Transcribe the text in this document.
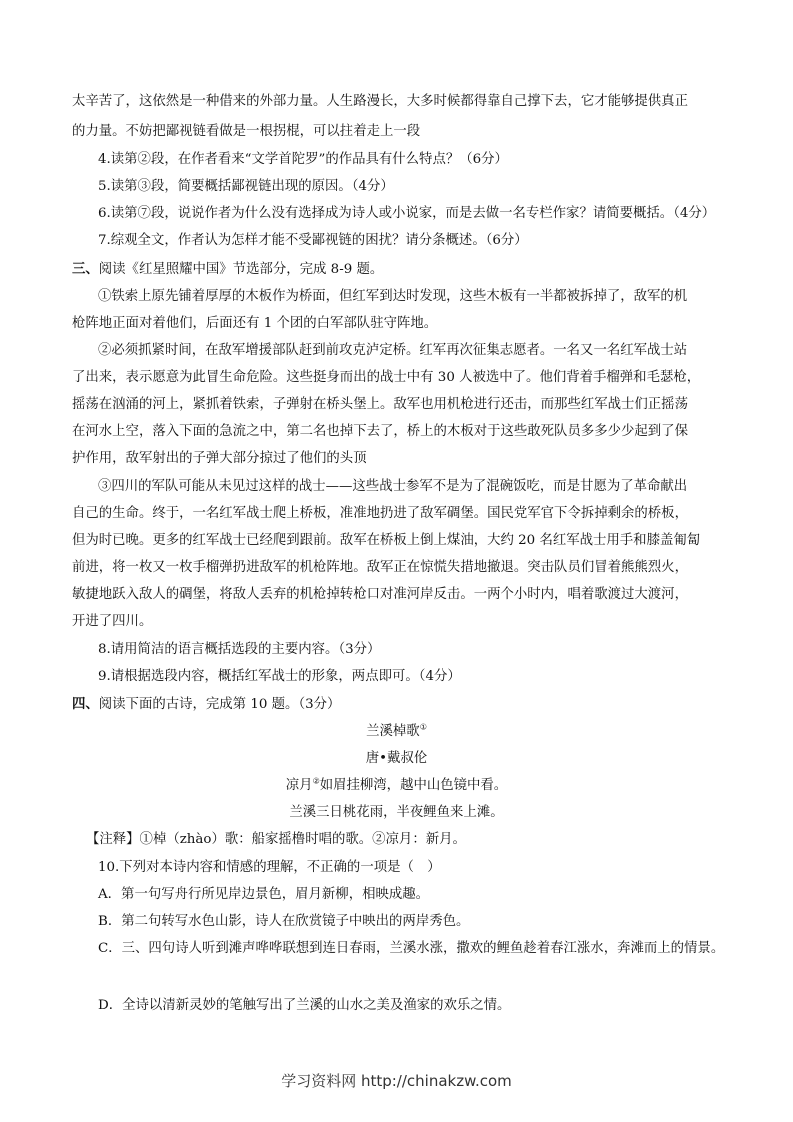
太辛苦了，这依然是一种借来的外部力量。人生路漫长，大多时候都得靠自己撑下去，它才能够提供真正
的力量。不妨把鄙视链看做是一根拐棍，可以拄着走上一段
4.读第②段，在作者看来“文学首陀罗”的作品具有什么特点？（6分）
5.读第③段，简要概括鄙视链出现的原因。（4分）
6.读第⑦段，说说作者为什么没有选择成为诗人或小说家，而是去做一名专栏作家？请简要概括。（4分）
7.综观全文，作者认为怎样才能不受鄙视链的困扰？请分条概述。（6分）
三、阅读《红星照耀中国》节选部分，完成 8-9 题。
①铁索上原先铺着厚厚的木板作为桥面，但红军到达时发现，这些木板有一半都被拆掉了，敌军的机
枪阵地正面对着他们，后面还有 1 个团的白军部队驻守阵地。
②必须抓紧时间，在敌军增援部队赶到前攻克泸定桥。红军再次征集志愿者。一名又一名红军战士站
了出来，表示愿意为此冒生命危险。这些挺身而出的战士中有 30 人被选中了。他们背着手榴弹和毛瑟枪，
摇荡在汹涌的河上，紧抓着铁索，子弹射在桥头堡上。敌军也用机枪进行还击，而那些红军战士们正摇荡
在河水上空，落入下面的急流之中，第二名也掉下去了，桥上的木板对于这些敢死队员多多少少起到了保
护作用，敌军射出的子弹大部分掠过了他们的头顶
③四川的军队可能从未见过这样的战士——这些战士参军不是为了混碗饭吃，而是甘愿为了革命献出
自己的生命。终于，一名红军战士爬上桥板，准准地扔进了敌军碉堡。国民党军官下令拆掉剩余的桥板，
但为时已晚。更多的红军战士已经爬到跟前。敌军在桥板上倒上煤油，大约 20 名红军战士用手和膝盖匍匐
前进，将一枚又一枚手榴弹扔进敌军的机枪阵地。敌军正在惊慌失措地撤退。突击队员们冒着熊熊烈火，
敏捷地跃入敌人的碉堡，将敌人丢弃的机枪掉转枪口对准河岸反击。一两个小时内，唱着歌渡过大渡河，
开进了四川。
8.请用简洁的语言概括选段的主要内容。（3分）
9.请根据选段内容，概括红军战士的形象，两点即可。（4分）
四、阅读下面的古诗，完成第 10 题。（3分）
兰溪棹歌①
唐•戴叔伦
凉月②如眉挂柳湾，越中山色镜中看。
兰溪三日桃花雨，半夜鲤鱼来上滩。
【注释】①棹（zhào）歌：船家摇橹时唱的歌。②凉月：新月。
10.下列对本诗内容和情感的理解，不正确的一项是（　）
A．第一句写舟行所见岸边景色，眉月新柳，相映成趣。
B．第二句转写水色山影，诗人在欣赏镜子中映出的两岸秀色。
C．三、四句诗人听到滩声哗哗联想到连日春雨，兰溪水涨，撒欢的鲤鱼趁着春江涨水，奔滩而上的情景。
D．全诗以清新灵妙的笔触写出了兰溪的山水之美及渔家的欢乐之情。
学习资料网 http://chinakzw.com
